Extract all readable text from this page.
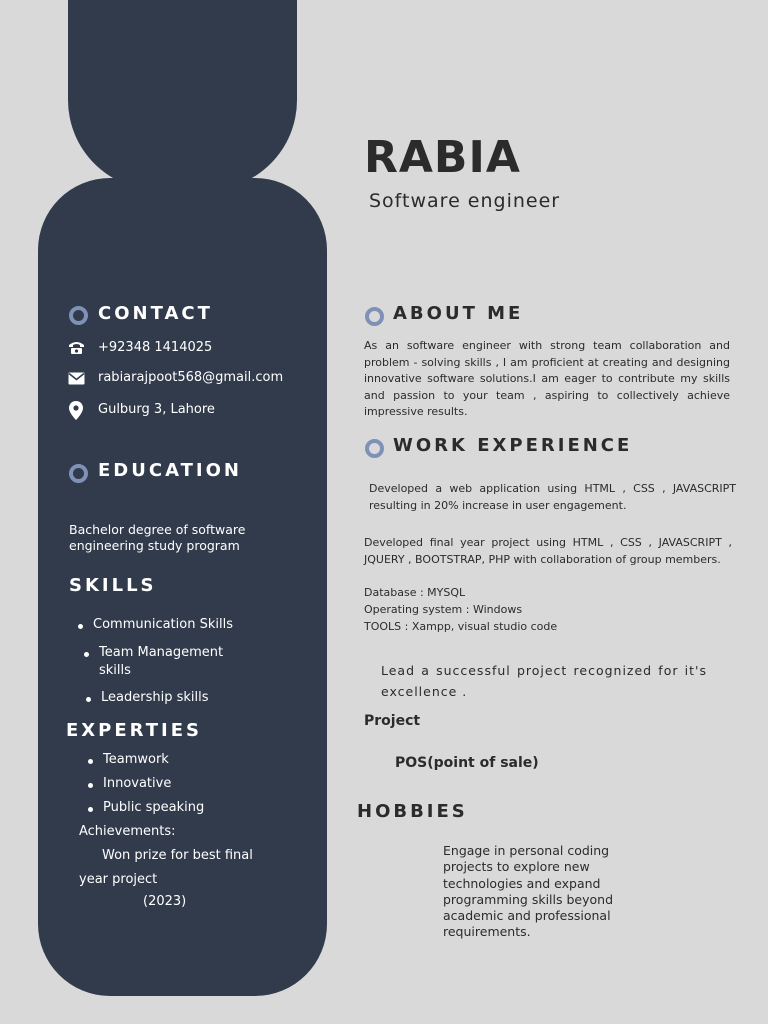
RABIA
Software engineer
CONTACT
+92348 1414025
rabiarajpoot568@gmail.com
Gulburg 3, Lahore
EDUCATION
Bachelor degree of software
engineering study program
SKILLS
Communication Skills
Team Management
skills
Leadership skills
EXPERTIES
Teamwork
Innovative
Public speaking
Achievements:
Won prize for best final
year project
(2023)
ABOUT ME
As an software engineer with strong team collaboration and problem - solving skills , I am proficient at creating and designing innovative software solutions.I am eager to contribute my skills and passion to your team , aspiring to collectively achieve impressive results.
WORK EXPERIENCE
Developed a web application using HTML , CSS , JAVASCRIPT resulting in 20% increase in user engagement.
Developed final year project using HTML , CSS , JAVASCRIPT , JQUERY , BOOTSTRAP, PHP with collaboration of group members.
Database : MYSQL
Operating system : Windows
TOOLS : Xampp, visual studio code
Lead a successful project recognized for it's excellence .
Project
POS(point of sale)
HOBBIES
Engage in personal coding projects to explore new technologies and expand programming skills beyond academic and professional requirements.
